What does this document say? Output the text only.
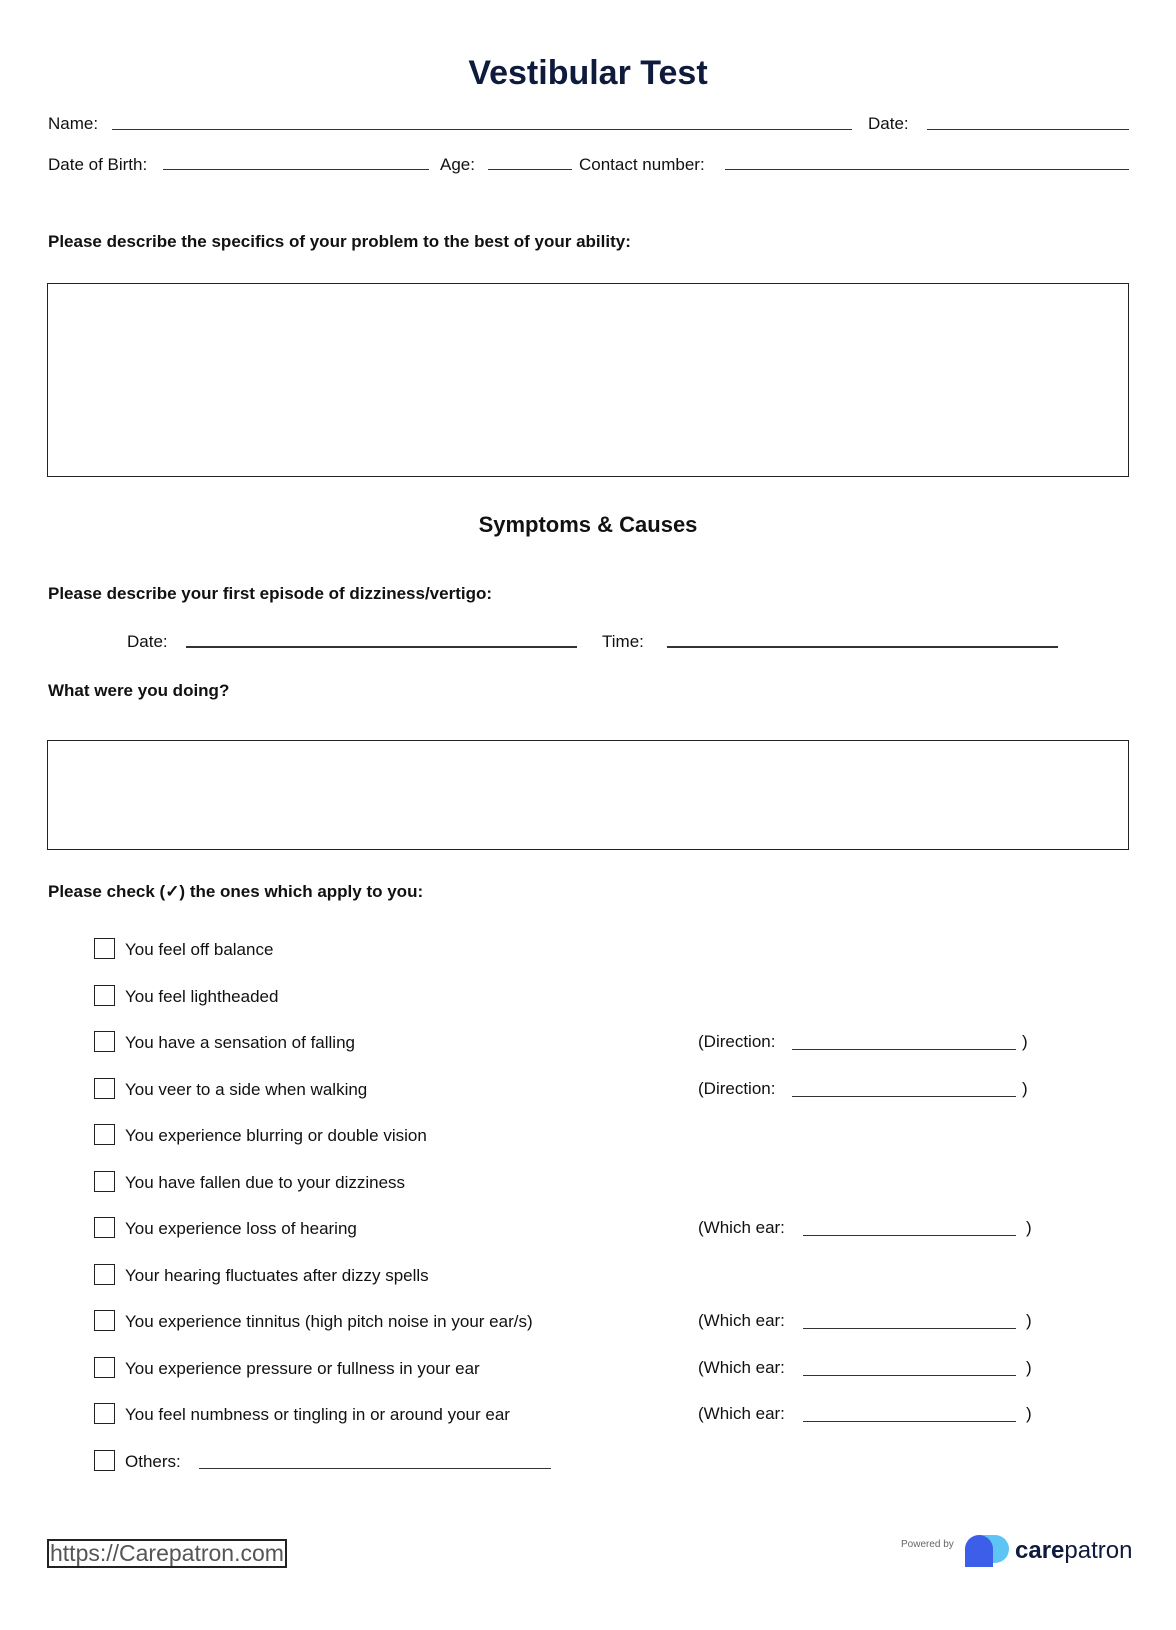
Vestibular Test
Name:	Date:
Date of Birth:	Age:	Contact number:
Please describe the specifics of your problem to the best of your ability:
Symptoms & Causes
Please describe your first episode of dizziness/vertigo:
Date:	Time:
What were you doing?
Please check (✓) the ones which apply to you:
You feel off balance
You feel lightheaded
You have a sensation of falling	(Direction:	)
You veer to a side when walking	(Direction:	)
You experience blurring or double vision
You have fallen due to your dizziness
You experience loss of hearing	(Which ear:	)
Your hearing fluctuates after dizzy spells
You experience tinnitus (high pitch noise in your ear/s)	(Which ear:	)
You experience pressure or fullness in your ear	(Which ear:	)
You feel numbness or tingling in or around your ear	(Which ear:	)
Others:
https://Carepatron.com	Powered by	carepatron
